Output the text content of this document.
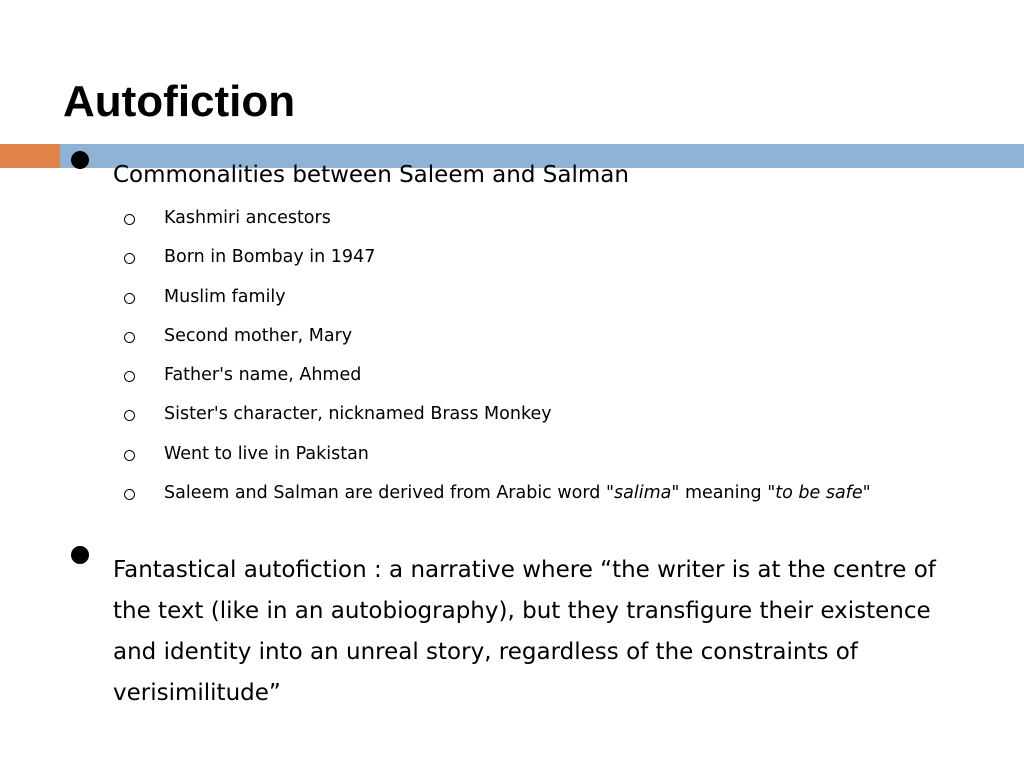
Autofiction
Commonalities between Saleem and Salman
Kashmiri ancestors
Born in Bombay in 1947
Muslim family
Second mother, Mary
Father's name, Ahmed
Sister's character, nicknamed Brass Monkey
Went to live in Pakistan
Saleem and Salman are derived from Arabic word "salima" meaning "to be safe"
Fantastical autofiction : a narrative where “the writer is at the centre of the text (like in an autobiography), but they transfigure their existence and identity into an unreal story, regardless of the constraints of verisimilitude”
